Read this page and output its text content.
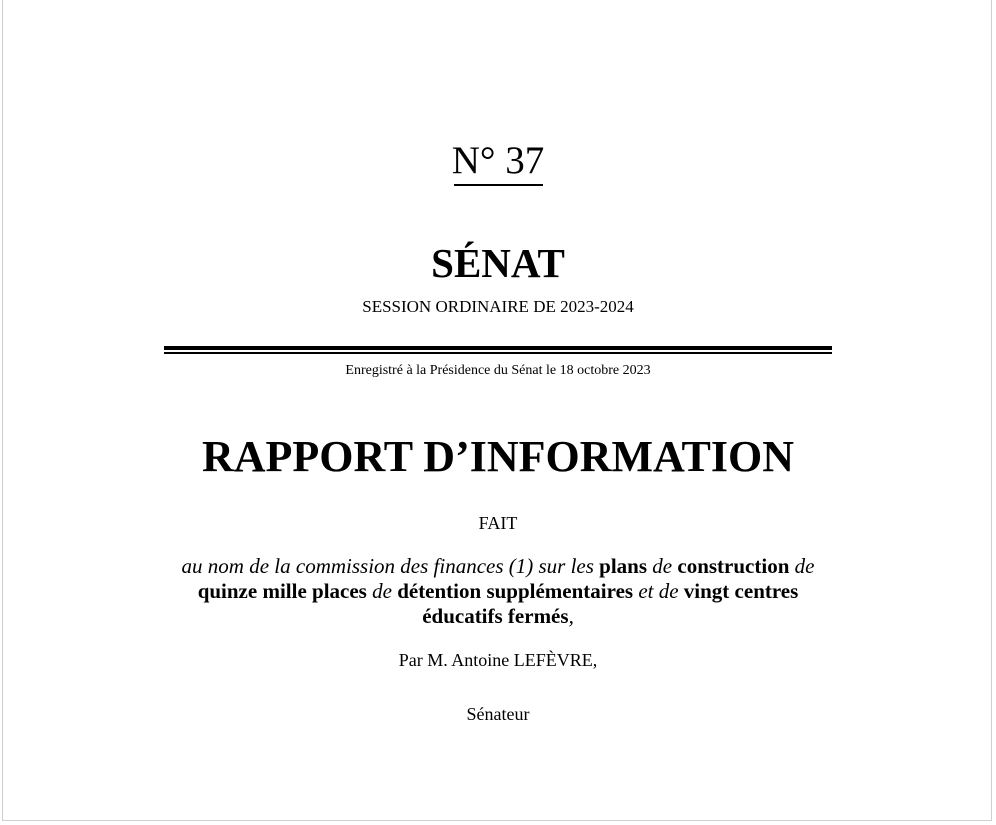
N° 37
SÉNAT
SESSION ORDINAIRE DE 2023-2024
Enregistré à la Présidence du Sénat le 18 octobre 2023
RAPPORT D’INFORMATION
FAIT
au nom de la commission des finances (1) sur les plans de construction de quinze mille places de détention supplémentaires et de vingt centres éducatifs fermés,
Par M. Antoine LEFÈVRE,
Sénateur
